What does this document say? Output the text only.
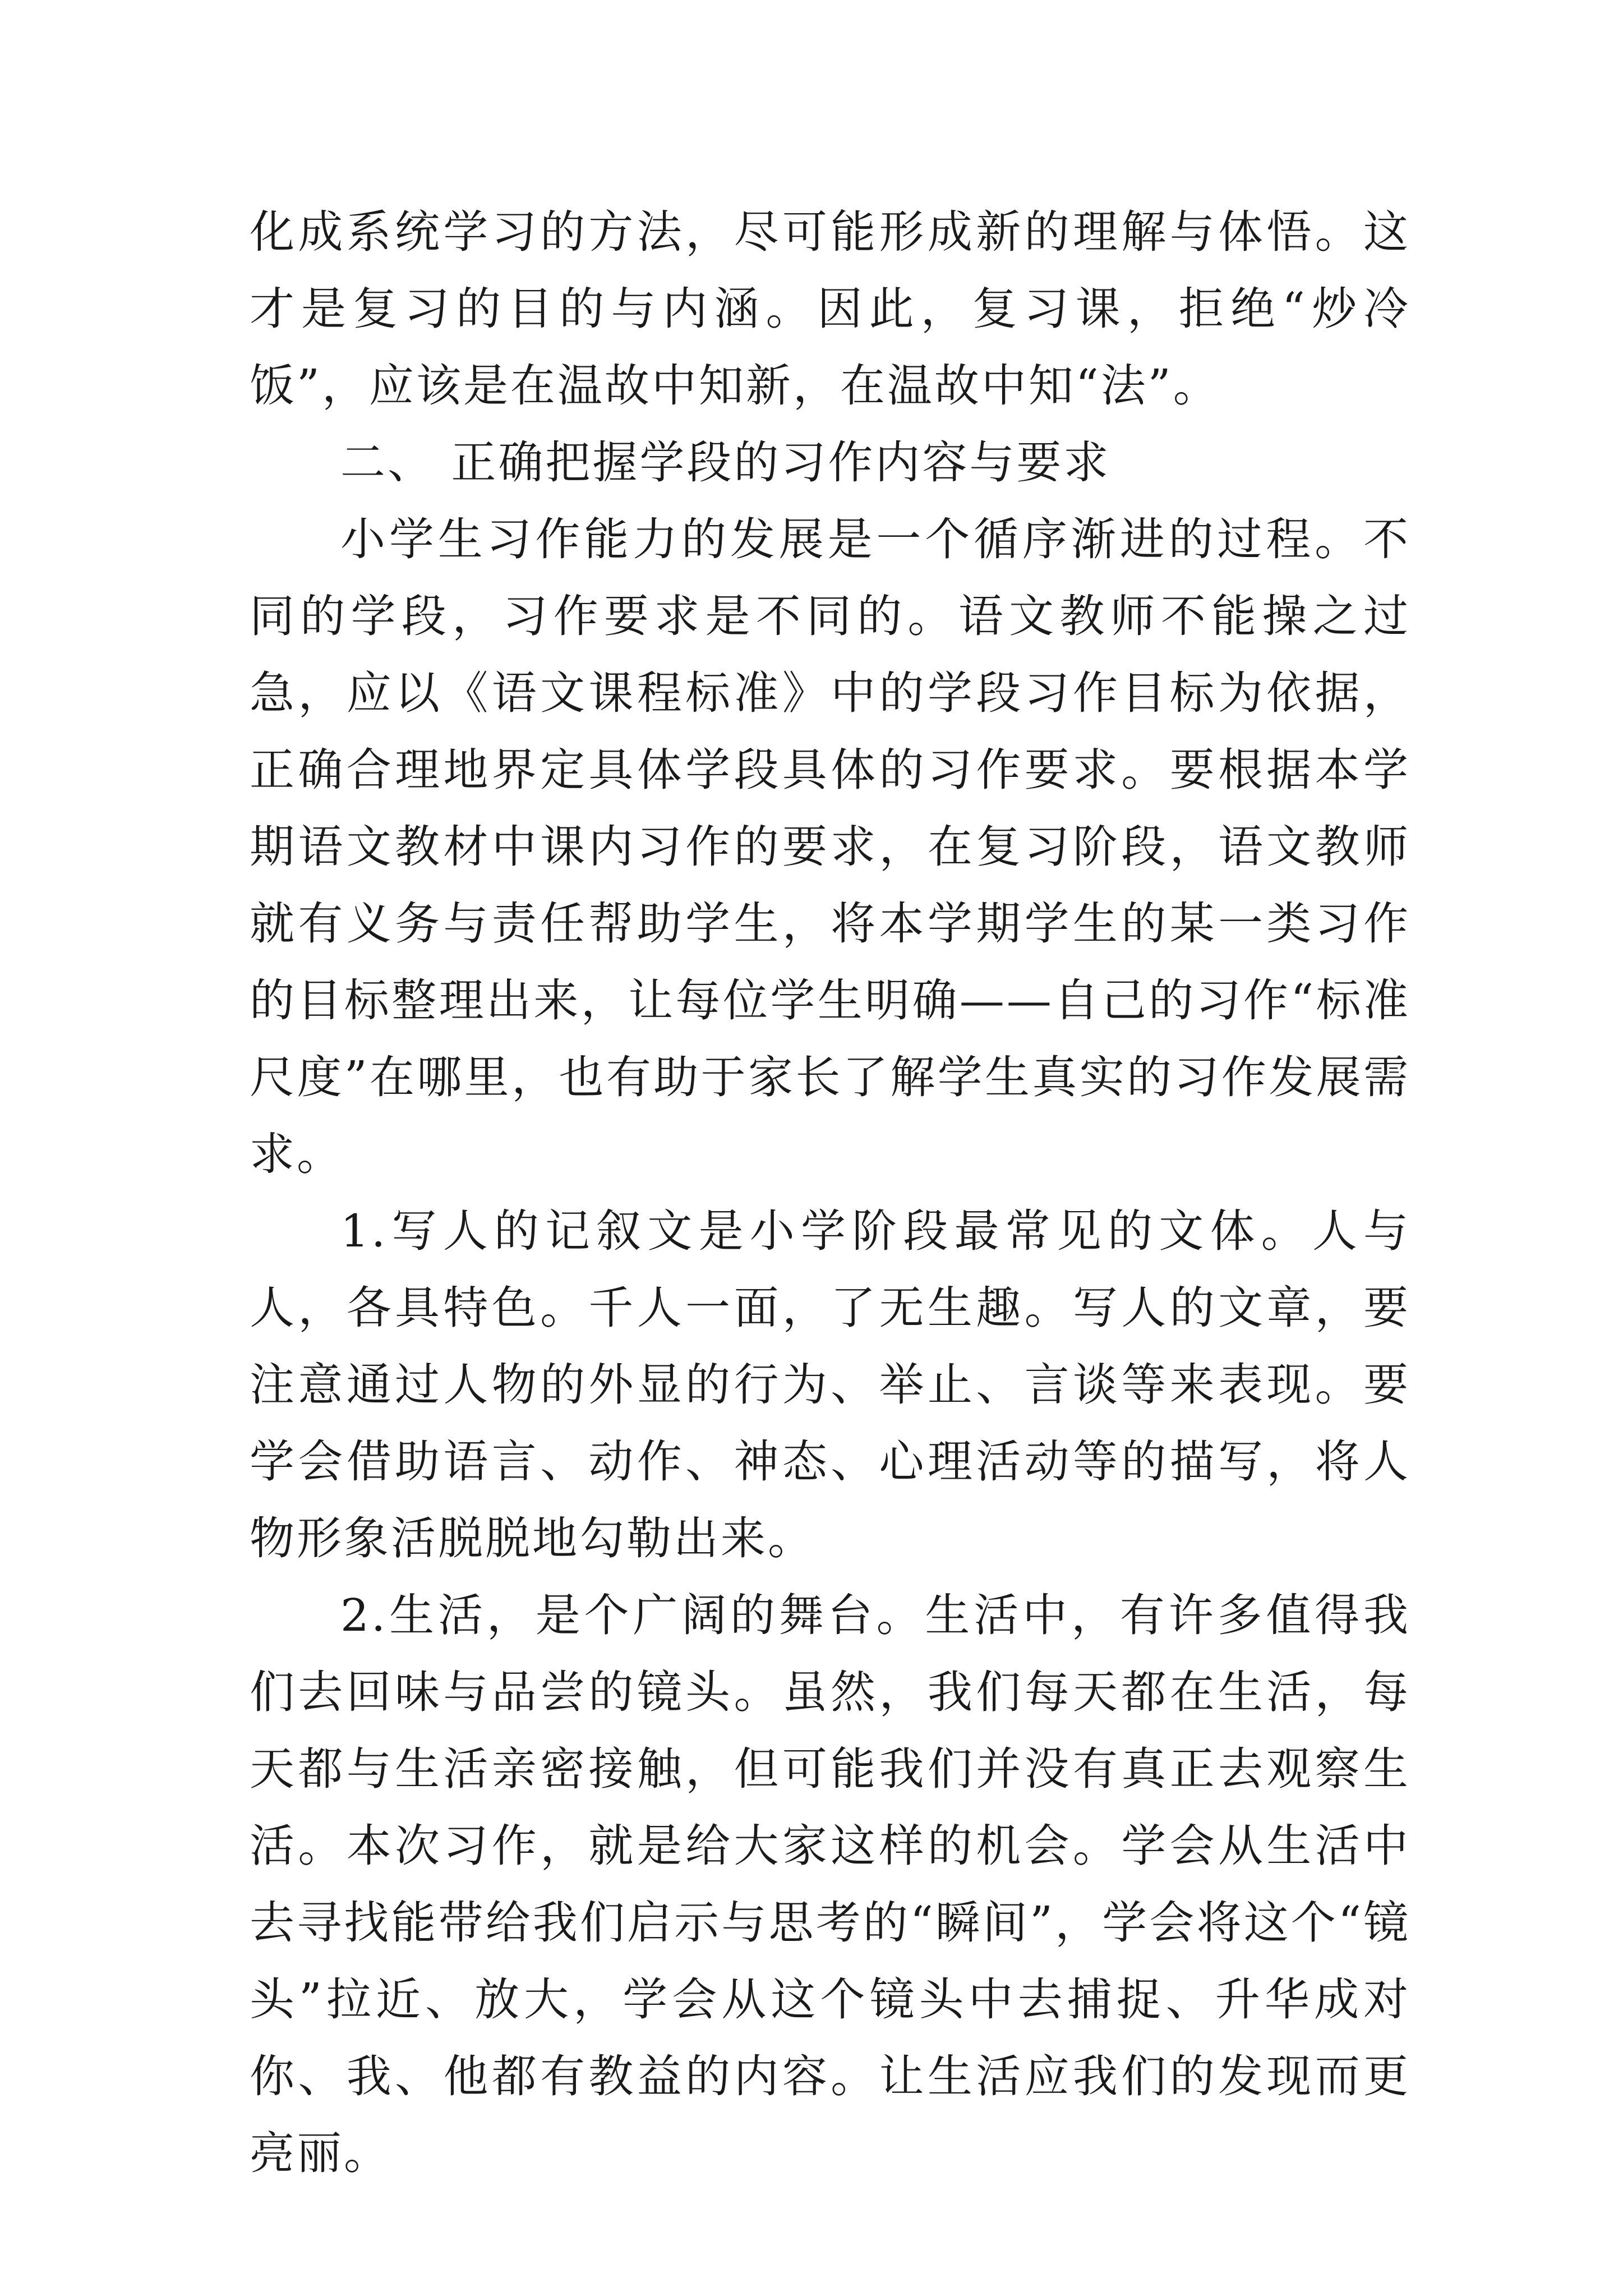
化成系统学习的方法，尽可能形成新的理解与体悟。这才是复习的目的与内涵。因此，复习课，拒绝“炒冷饭”，应该是在温故中知新，在温故中知“法”。

二、 正确把握学段的习作内容与要求

小学生习作能力的发展是一个循序渐进的过程。不同的学段，习作要求是不同的。语文教师不能操之过急，应以《语文课程标准》中的学段习作目标为依据，正确合理地界定具体学段具体的习作要求。要根据本学期语文教材中课内习作的要求，在复习阶段，语文教师就有义务与责任帮助学生，将本学期学生的某一类习作的目标整理出来，让每位学生明确——自己的习作“标准尺度”在哪里，也有助于家长了解学生真实的习作发展需求。

1.写人的记叙文是小学阶段最常见的文体。人与人，各具特色。千人一面，了无生趣。写人的文章，要注意通过人物的外显的行为、举止、言谈等来表现。要学会借助语言、动作、神态、心理活动等的描写，将人物形象活脱脱地勾勒出来。

2.生活，是个广阔的舞台。生活中，有许多值得我们去回味与品尝的镜头。虽然，我们每天都在生活，每天都与生活亲密接触，但可能我们并没有真正去观察生活。本次习作，就是给大家这样的机会。学会从生活中去寻找能带给我们启示与思考的“瞬间”，学会将这个“镜头”拉近、放大，学会从这个镜头中去捕捉、升华成对你、我、他都有教益的内容。让生活应我们的发现而更亮丽。
